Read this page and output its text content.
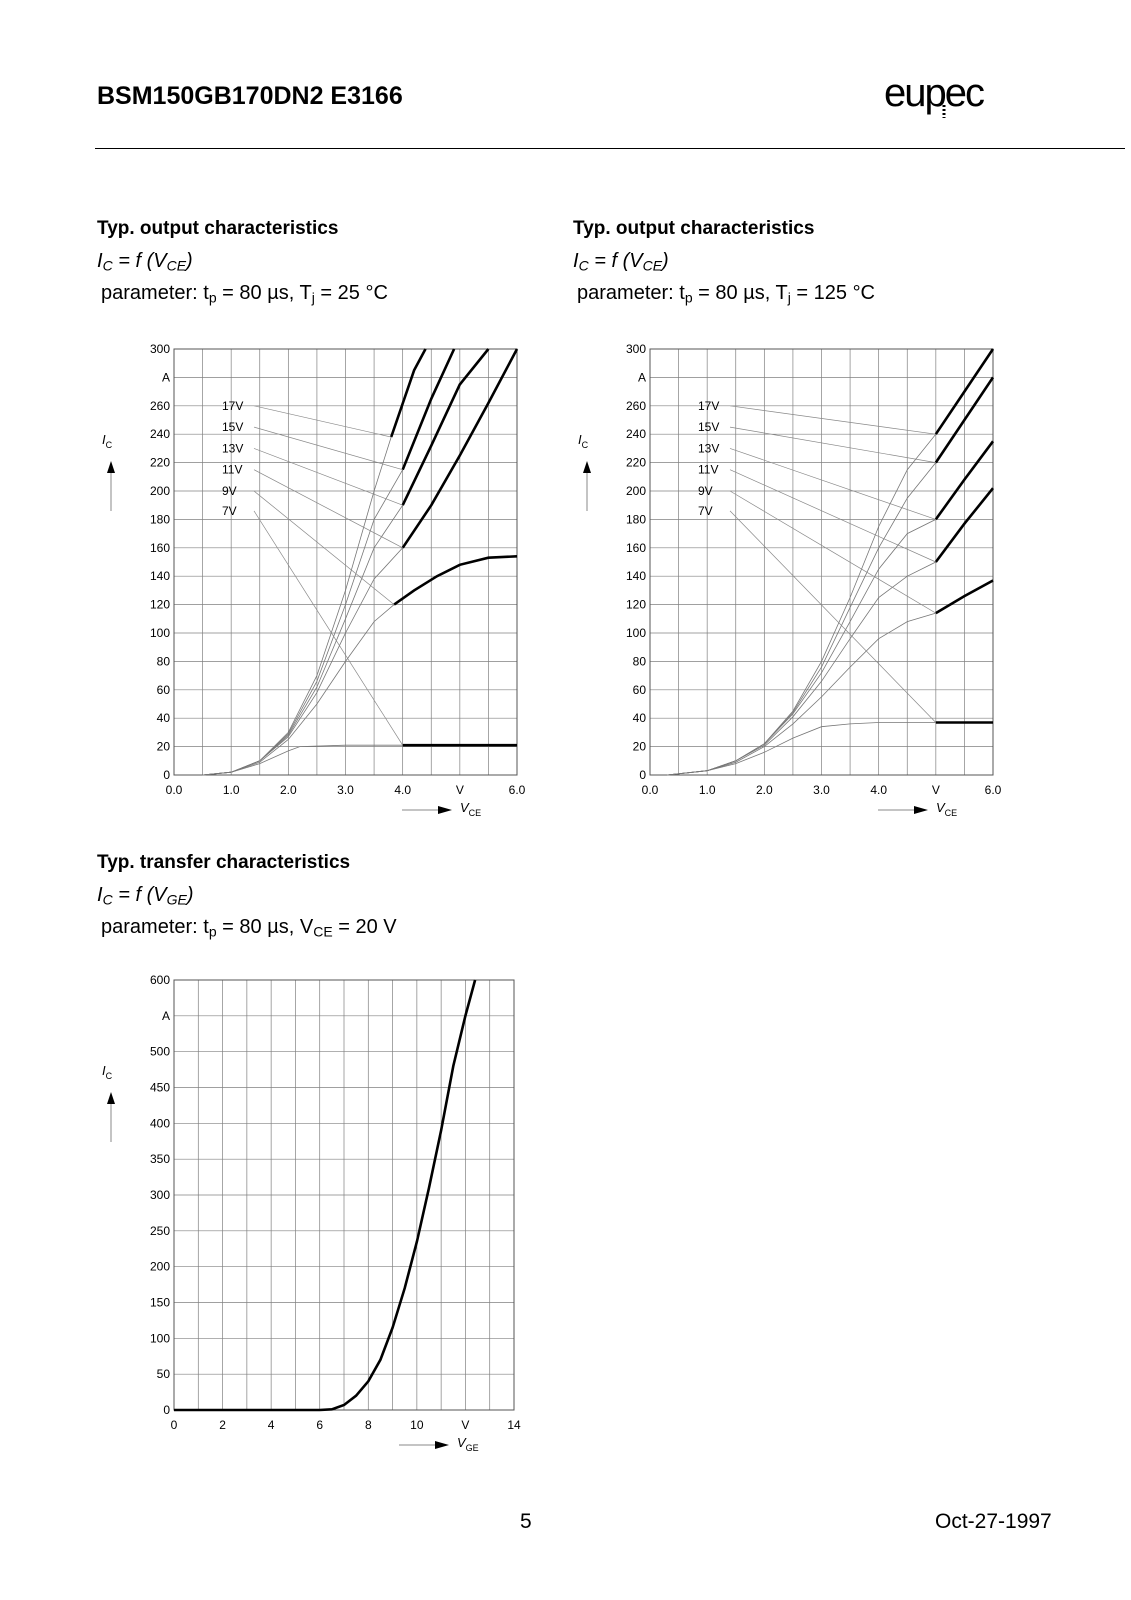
BSM150GB170DN2 E3166	eupec
Typ. output characteristics
$I_C = f$ $(V_{CE})$
parameter: $t_p = 80$ µs, $T_j = 25$ °C
Typ. output characteristics
$I_C = f$ $(V_{CE})$
parameter: $t_p = 80$ µs, $T_j = 125$ °C
Typ. transfer characteristics
$I_C = f$ $(V_{GE})$
parameter: $t_p = 80$ µs, $V_{CE} = 20$ V
0
20
40
60
80
100
120
140
160
180
200
220
240
260
A
300
0.0	1.0	2.0	3.0	4.0	V	6.0
$I_C$
$V_{CE}$
17V
15V
13V
11V
9V
7V
0
20
40
60
80
100
120
140
160
180
200
220
240
260
A
300
0.0	1.0	2.0	3.0	4.0	V	6.0
$I_C$
$V_{CE}$
17V
15V
13V
11V
9V
7V
0
50
100
150
200
250
300
350
400
450
500
A
600
0	2	4	6	8	10	V	14
$I_C$
$V_{GE}$
5	Oct-27-1997
